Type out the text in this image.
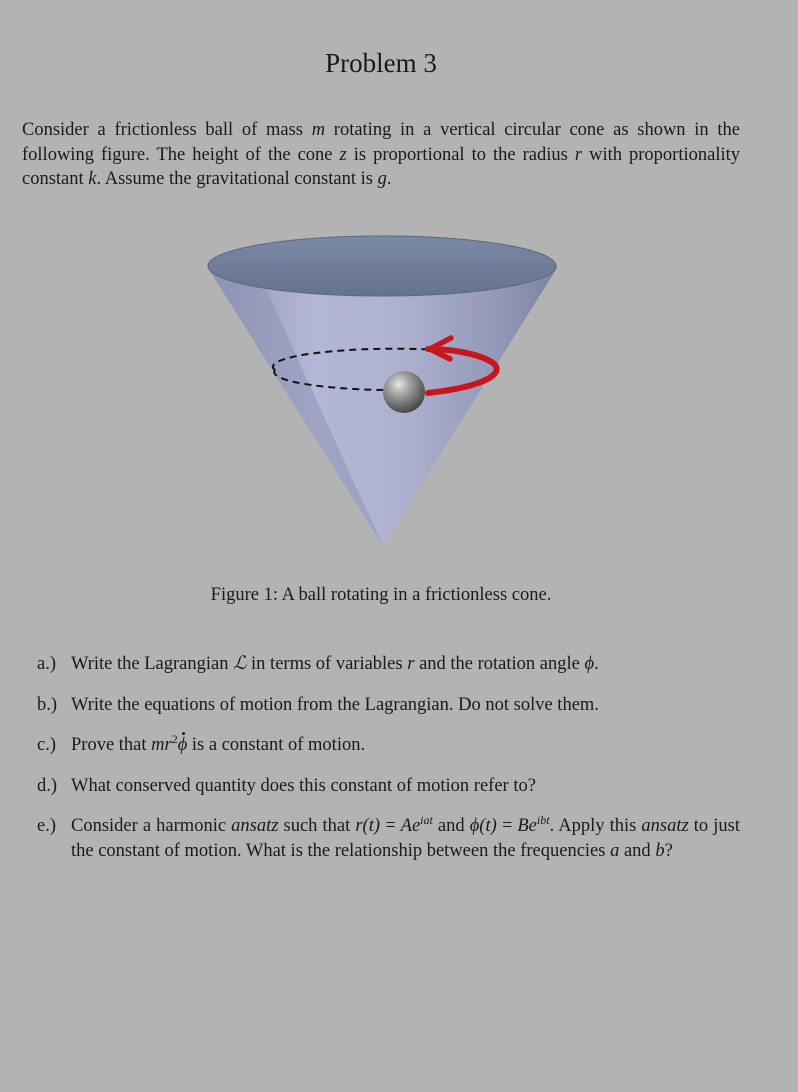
Problem 3

Consider a frictionless ball of mass m rotating in a vertical circular cone as shown in the following figure. The height of the cone z is proportional to the radius r with proportionality constant k. Assume the gravitational constant is g.

Figure 1: A ball rotating in a frictionless cone.
a.) Write the Lagrangian ℒ in terms of variables r and the rotation angle ϕ.
b.) Write the equations of motion from the Lagrangian. Do not solve them.
c.) Prove that $mr^2\phi$ is a constant of motion.
d.) What conserved quantity does this constant of motion refer to?
e.) Consider a harmonic ansatz such that $r(t) = Ae^{iat}$ and $\phi(t) = Be^{ibt}$. Apply this ansatz to just the constant of motion. What is the relationship between the frequencies a and b?
